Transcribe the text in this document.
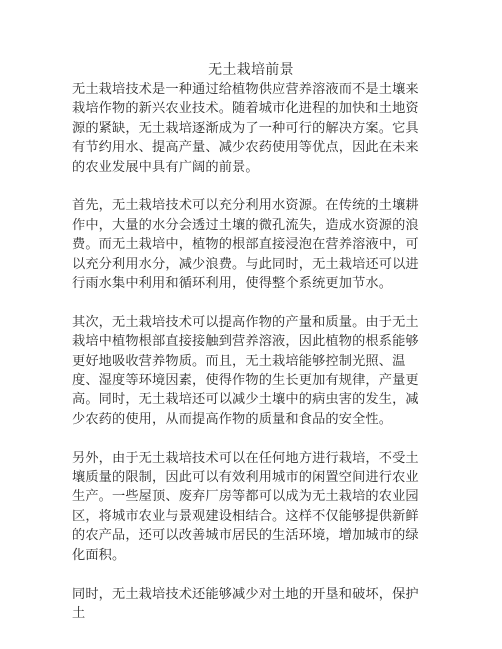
无土栽培前景

无土栽培技术是一种通过给植物供应营养溶液而不是土壤来栽培作物的新兴农业技术。随着城市化进程的加快和土地资源的紧缺，无土栽培逐渐成为了一种可行的解决方案。它具有节约用水、提高产量、减少农药使用等优点，因此在未来的农业发展中具有广阔的前景。

首先，无土栽培技术可以充分利用水资源。在传统的土壤耕作中，大量的水分会透过土壤的微孔流失，造成水资源的浪费。而无土栽培中，植物的根部直接浸泡在营养溶液中，可以充分利用水分，减少浪费。与此同时，无土栽培还可以进行雨水集中利用和循环利用，使得整个系统更加节水。

其次，无土栽培技术可以提高作物的产量和质量。由于无土栽培中植物根部直接接触到营养溶液，因此植物的根系能够更好地吸收营养物质。而且，无土栽培能够控制光照、温度、湿度等环境因素，使得作物的生长更加有规律，产量更高。同时，无土栽培还可以减少土壤中的病虫害的发生，减少农药的使用，从而提高作物的质量和食品的安全性。

另外，由于无土栽培技术可以在任何地方进行栽培，不受土壤质量的限制，因此可以有效利用城市的闲置空间进行农业生产。一些屋顶、废弃厂房等都可以成为无土栽培的农业园区，将城市农业与景观建设相结合。这样不仅能够提供新鲜的农产品，还可以改善城市居民的生活环境，增加城市的绿化面积。

同时，无土栽培技术还能够减少对土地的开垦和破坏，保护土
